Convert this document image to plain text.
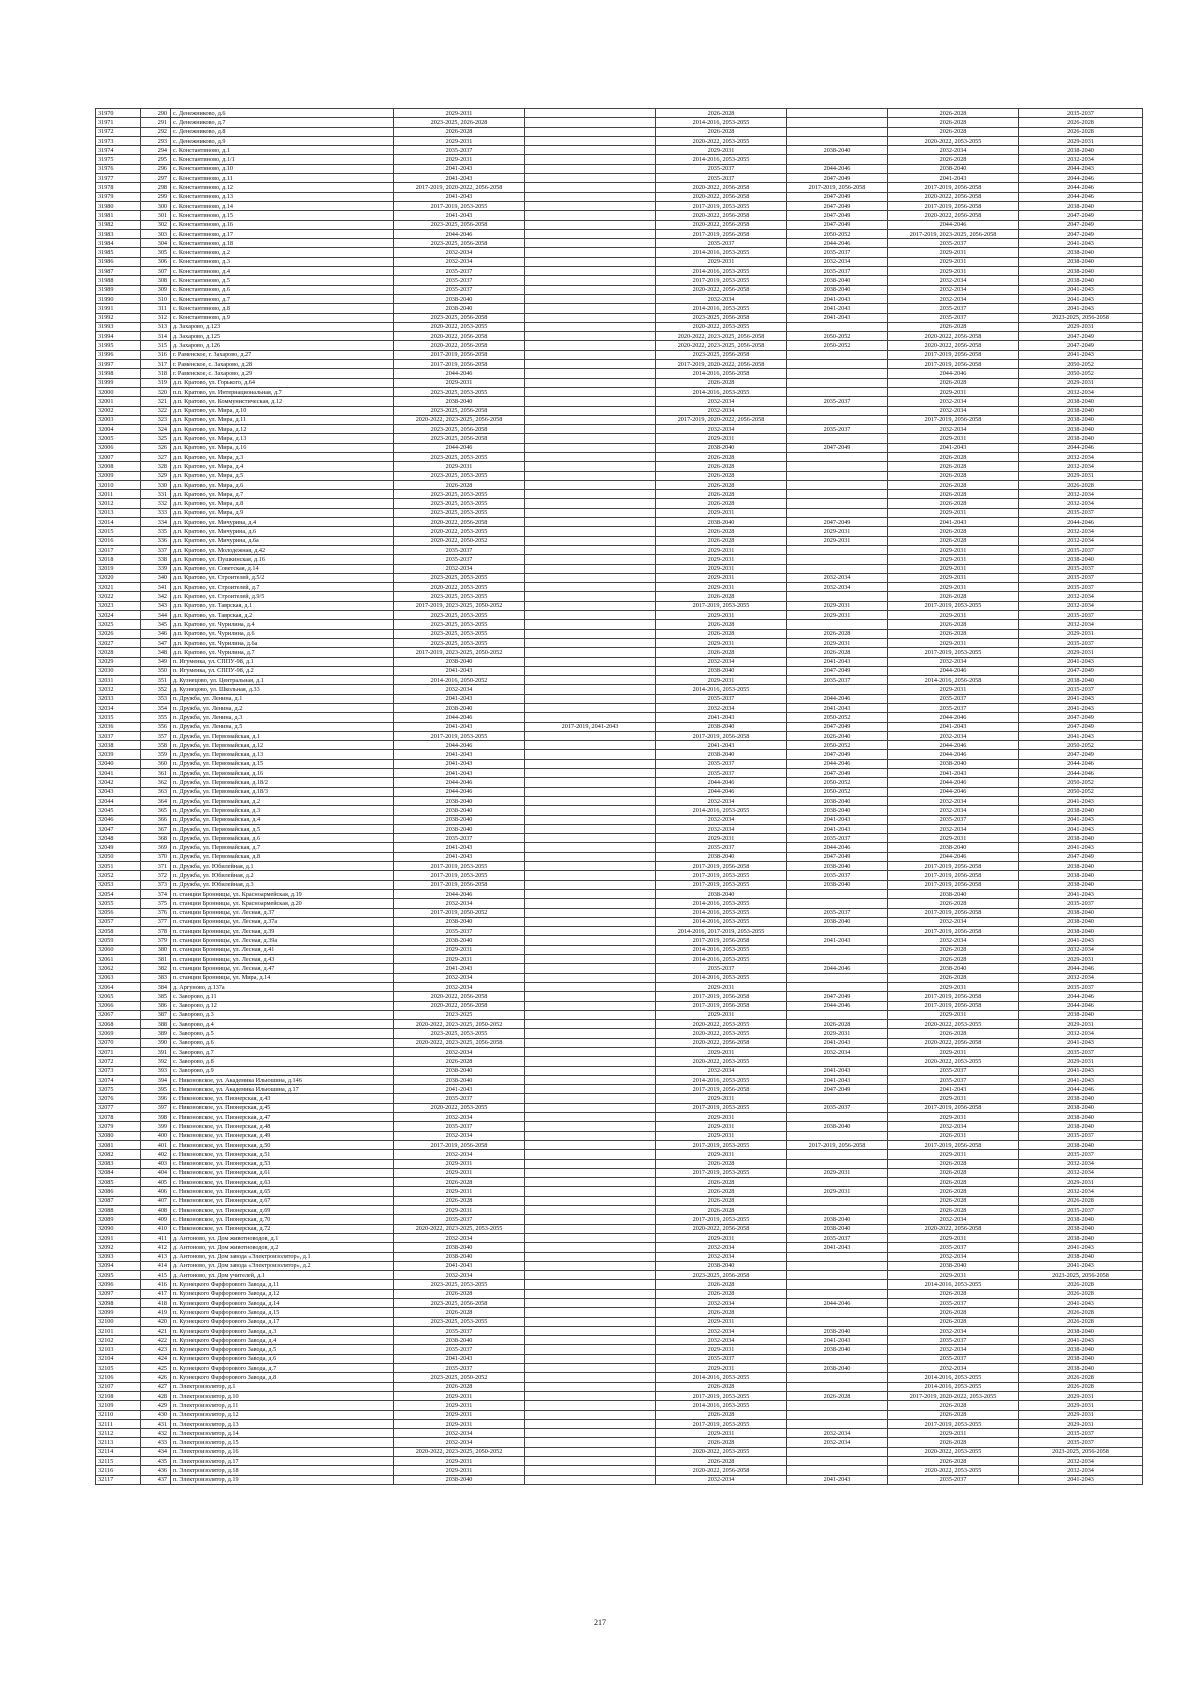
31970	290	с. Денежниково, д.6	2029-2031		2026-2028		2026-2028	2035-2037
31971	291	с. Денежниково, д.7	2023-2025, 2026-2028		2014-2016, 2053-2055		2026-2028	2026-2028
31972	292	с. Денежниково, д.8	2026-2028		2026-2028		2026-2028	2026-2028
31973	293	с. Денежниково, д.9	2029-2031		2020-2022, 2053-2055		2020-2022, 2053-2055	2029-2031
31974	294	с. Константиново, д.1	2035-2037		2029-2031	2038-2040	2032-2034	2038-2040
31975	295	с. Константиново, д.1/1	2029-2031		2014-2016, 2053-2055		2026-2028	2032-2034
31976	296	с. Константиново, д.10	2041-2043		2035-2037	2044-2046	2038-2040	2044-2043
31977	297	с. Константиново, д.11	2041-2043		2035-2037	2047-2049	2041-2043	2044-2046
31978	298	с. Константиново, д.12	2017-2019, 2020-2022, 2056-2058		2020-2022, 2056-2058	2017-2019, 2056-2058	2017-2019, 2056-2058	2044-2046
31979	299	с. Константиново, д.13	2041-2043		2020-2022, 2056-2058	2047-2049	2020-2022, 2056-2058	2044-2046
31980	300	с. Константиново, д.14	2017-2019, 2053-2055		2017-2019, 2053-2055	2047-2049	2017-2019, 2056-2058	2038-2040
31981	301	с. Константиново, д.15	2041-2043		2020-2022, 2056-2058	2047-2049	2020-2022, 2056-2058	2047-2049
31982	302	с. Константиново, д.16	2023-2025, 2056-2058		2020-2022, 2056-2058	2047-2049	2044-2046	2047-2049
31983	303	с. Константиново, д.17	2044-2046		2017-2019, 2056-2058	2050-2052	2017-2019, 2023-2025, 2056-2058	2047-2049
31984	304	с. Константиново, д.18	2023-2025, 2056-2058		2035-2037	2044-2046	2035-2037	2041-2043
31985	305	с. Константиново, д.2	2032-2034		2014-2016, 2053-2055	2035-2037	2029-2031	2038-2040
31986	306	с. Константиново, д.3	2032-2034		2029-2031	2032-2034	2029-2031	2038-2040
31987	307	с. Константиново, д.4	2035-2037		2014-2016, 2053-2055	2035-2037	2029-2031	2038-2040
31988	308	с. Константиново, д.5	2035-2037		2017-2019, 2053-2055	2038-2040	2032-2034	2038-2040
31989	309	с. Константиново, д.6	2035-2037		2020-2022, 2056-2058	2038-2040	2032-2034	2041-2043
31990	310	с. Константиново, д.7	2038-2040		2032-2034	2041-2043	2032-2034	2041-2043
31991	311	с. Константиново, д.8	2038-2040		2014-2016, 2053-2055	2041-2043	2035-2037	2041-2043
31992	312	с. Константиново, д.9	2023-2025, 2056-2058		2023-2025, 2056-2058	2041-2043	2035-2037	2023-2025, 2056-2058
31993	313	д. Захарово, д.123	2020-2022, 2053-2055		2020-2022, 2053-2055		2026-2028	2029-2031
31994	314	д. Захарово, д.125	2020-2022, 2056-2058		2020-2022, 2023-2025, 2056-2058	2050-2052	2020-2022, 2056-2058	2047-2049
31995	315	д. Захарово, д.126	2020-2022, 2056-2058		2020-2022, 2023-2025, 2056-2058	2050-2052	2020-2022, 2056-2058	2047-2049
31996	316	г. Раменское, г. Захарово, д.27	2017-2019, 2056-2058		2023-2025, 2056-2058		2017-2019, 2056-2058	2041-2043
31997	317	г. Раменское, с. Захарово, д.28	2017-2019, 2056-2058		2017-2019, 2020-2022, 2056-2058		2017-2019, 2056-2058	2050-2052
31998	318	г. Раменское, с. Захарово, д.29	2044-2046		2014-2016, 2056-2058		2044-2046	2050-2052
31999	319	д.п. Кратово, ул. Горького, д.64	2029-2031		2026-2028		2026-2028	2029-2031
32000	320	п.п. Кратово, ул. Интернациональная, д.7	2023-2025, 2053-2055		2014-2016, 2053-2055		2029-2031	2032-2034
32001	321	д.п. Кратово, ул. Коммунистическая, д.12	2038-2040		2032-2034	2035-2037	2032-2034	2038-2040
32002	322	д.п. Кратово, ул. Мира, д.10	2023-2025, 2056-2058		2032-2034		2032-2034	2038-2040
32003	323	д.п. Кратово, ул. Мира, д.11	2020-2022, 2023-2025, 2056-2058		2017-2019, 2020-2022, 2056-2058		2017-2019, 2056-2058	2038-2040
32004	324	д.п. Кратово, ул. Мира, д.12	2023-2025, 2056-2058		2032-2034	2035-2037	2032-2034	2038-2040
32005	325	д.п. Кратово, ул. Мира, д.13	2023-2025, 2056-2058		2029-2031		2029-2031	2038-2040
32006	326	д.п. Кратово, ул. Мира, д.16	2044-2046		2038-2040	2047-2049	2041-2043	2044-2046
32007	327	д.п. Кратово, ул. Мира, д.3	2023-2025, 2053-2055		2026-2028		2026-2028	2032-2034
32008	328	д.п. Кратово, ул. Мира, д.4	2029-2031		2026-2028		2026-2028	2032-2034
32009	329	д.п. Кратово, ул. Мира, д.5	2023-2025, 2053-2055		2026-2028		2026-2028	2029-2031
32010	330	д.п. Кратово, ул. Мира, д.6	2026-2028		2026-2028		2026-2028	2026-2028
32011	331	д.п. Кратово, ул. Мира, д.7	2023-2025, 2053-2055		2026-2028		2026-2028	2032-2034
32012	332	д.п. Кратово, ул. Мира, д.8	2023-2025, 2053-2055		2026-2028		2026-2028	2032-2034
32013	333	д.п. Кратово, ул. Мира, д.9	2023-2025, 2053-2055		2029-2031		2029-2031	2035-2037
32014	334	д.п. Кратово, ул. Мичурина, д.4	2020-2022, 2056-2058		2038-2040	2047-2049	2041-2043	2044-2046
32015	335	д.п. Кратово, ул. Мичурина, д.6	2020-2022, 2053-2055		2026-2028	2029-2031	2026-2028	2032-2034
32016	336	д.п. Кратово, ул. Мичурина, д.6а	2020-2022, 2050-2052		2026-2028	2029-2031	2026-2028	2032-2034
32017	337	д.п. Кратово, ул. Молодежная, д.42	2035-2037		2029-2031		2029-2031	2035-2037
32018	338	д.п. Кратово, ул. Пушкинская, д.16	2035-2037		2029-2031		2029-2031	2038-2040
32019	339	д.п. Кратово, ул. Советская, д.14	2032-2034		2029-2031		2029-2031	2035-2037
32020	340	д.п. Кратово, ул. Строителей, д.5/2	2023-2025, 2053-2055		2029-2031	2032-2034	2029-2031	2035-2037
32021	341	д.п. Кратово, ул. Строителей, д.7	2020-2022, 2053-2055		2029-2031	2032-2034	2029-2031	2035-2037
32022	342	д.п. Кратово, ул. Строителей, д.9/5	2023-2025, 2053-2055		2026-2028		2026-2028	2032-2034
32023	343	д.п. Кратово, ул. Таврская, д.1	2017-2019, 2023-2025, 2050-2052		2017-2019, 2053-2055	2029-2031	2017-2019, 2053-2055	2032-2034
32024	344	д.п. Кратово, ул. Таврская, д.2	2023-2025, 2053-2055		2029-2031	2029-2031	2029-2031	2035-2037
32025	345	д.п. Кратово, ул. Чурилина, д.4	2023-2025, 2053-2055		2026-2028		2026-2028	2032-2034
32026	346	д.п. Кратово, ул. Чурилина, д.6	2023-2025, 2053-2055		2026-2028	2026-2028	2026-2028	2029-2031
32027	347	д.п. Кратово, ул. Чурилина, д.6а	2023-2025, 2053-2055		2029-2031	2029-2031	2029-2031	2035-2037
32028	348	д.п. Кратово, ул. Чурилина, д.7	2017-2019, 2023-2025, 2050-2052		2026-2028	2026-2028	2017-2019, 2053-2055	2029-2031
32029	349	п. Игуменка, ул. СППУ-98, д.1	2038-2040		2032-2034	2041-2043	2032-2034	2041-2043
32030	350	п. Игуменка, ул. СППУ-98, д.2	2041-2043		2038-2040	2047-2049	2044-2046	2047-2049
32031	351	д. Кузнецово, ул. Центральная, д.1	2014-2016, 2050-2052		2029-2031	2035-2037	2014-2016, 2056-2058	2038-2040
32032	352	д. Кузнецово, ул. Школьная, д.33	2032-2034		2014-2016, 2053-2055		2029-2031	2035-2037
32033	353	п. Дружба, ул. Ленина, д.1	2041-2043		2035-2037	2044-2046	2035-2037	2041-2043
32034	354	п. Дружба, ул. Ленина, д.2	2038-2040		2032-2034	2041-2043	2035-2037	2041-2043
32035	355	п. Дружба, ул. Ленина, д.3	2044-2046		2041-2043	2050-2052	2044-2046	2047-2049
32036	356	п. Дружба, ул. Ленина, д.5	2041-2043	2017-2019, 2041-2043	2038-2040	2047-2049	2041-2043	2047-2049
32037	357	п. Дружба, ул. Первомайская, д.1	2017-2019, 2053-2055		2017-2019, 2056-2058	2026-2040	2032-2034	2041-2043
32038	358	п. Дружба, ул. Первомайская, д.12	2044-2046		2041-2043	2050-2052	2044-2046	2050-2052
32039	359	п. Дружба, ул. Первомайская, д.13	2041-2043		2038-2040	2047-2049	2044-2046	2047-2049
32040	360	п. Дружба, ул. Первомайская, д.15	2041-2043		2035-2037	2044-2046	2038-2040	2044-2046
32041	361	п. Дружба, ул. Первомайская, д.16	2041-2043		2035-2037	2047-2049	2041-2043	2044-2046
32042	362	п. Дружба, ул. Первомайская, д.18/2	2044-2046		2044-2046	2050-2052	2044-2046	2050-2052
32043	363	п. Дружба, ул. Первомайская, д.18/3	2044-2046		2044-2046	2050-2052	2044-2046	2050-2052
32044	364	п. Дружба, ул. Первомайская, д.2	2038-2040		2032-2034	2038-2040	2032-2034	2041-2043
32045	365	п. Дружба, ул. Первомайская, д.3	2038-2040		2014-2016, 2053-2055	2038-2040	2032-2034	2038-2040
32046	366	п. Дружба, ул. Первомайская, д.4	2038-2040		2032-2034	2041-2043	2035-2037	2041-2043
32047	367	п. Дружба, ул. Первомайская, д.5	2038-2040		2032-2034	2041-2043	2032-2034	2041-2043
32048	368	п. Дружба, ул. Первомайская, д.6	2035-2037		2029-2031	2035-2037	2029-2031	2038-2040
32049	369	п. Дружба, ул. Первомайская, д.7	2041-2043		2035-2037	2044-2046	2038-2040	2041-2043
32050	370	п. Дружба, ул. Первомайская, д.8	2041-2043		2038-2040	2047-2049	2044-2046	2047-2049
32051	371	п. Дружба, ул. Юбилейная, д.1	2017-2019, 2053-2055		2017-2019, 2056-2058	2038-2040	2017-2019, 2056-2058	2038-2040
32052	372	п. Дружба, ул. Юбилейная, д.2	2017-2019, 2053-2055		2017-2019, 2053-2055	2035-2037	2017-2019, 2056-2058	2038-2040
32053	373	п. Дружба, ул. Юбилейная, д.3	2017-2019, 2056-2058		2017-2019, 2053-2055	2038-2040	2017-2019, 2056-2058	2038-2040
32054	374	п. станции Бронницы, ул. Красноармейская, д.19	2044-2046		2038-2040		2038-2040	2041-2043
32055	375	п. станции Бронницы, ул. Красноармейская, д.20	2032-2034		2014-2016, 2053-2055		2026-2028	2035-2037
32056	376	п. станции Бронницы, ул. Лесная, д.37	2017-2019, 2050-2052		2014-2016, 2053-2055	2035-2037	2017-2019, 2056-2058	2038-2040
32057	377	п. станции Бронницы, ул. Лесная, д.37а	2038-2040		2014-2016, 2053-2055	2038-2040	2032-2034	2038-2040
32058	378	п. станции Бронницы, ул. Лесная, д.39	2035-2037		2014-2016, 2017-2019, 2053-2055		2017-2019, 2056-2058	2038-2040
32059	379	п. станции Бронницы, ул. Лесная, д.39а	2038-2040		2017-2019, 2056-2058	2041-2043	2032-2034	2041-2043
32060	380	п. станции Бронницы, ул. Лесная, д.41	2029-2031		2014-2016, 2053-2055		2026-2028	2032-2034
32061	381	п. станции Бронницы, ул. Лесная, д.43	2029-2031		2014-2016, 2053-2055		2026-2028	2029-2031
32062	382	п. станции Бронницы, ул. Лесная, д.47	2041-2043		2035-2037	2044-2046	2038-2040	2044-2046
32063	383	п. станции Бронницы, ул. Мира, д.14	2032-2034		2014-2016, 2053-2055		2026-2028	2032-2034
32064	384	д. Аргуново, д.137а	2032-2034		2029-2031		2029-2031	2035-2037
32065	385	с. Заворово, д.11	2020-2022, 2056-2058		2017-2019, 2056-2058	2047-2049	2017-2019, 2056-2058	2044-2046
32066	386	с. Заворово, д.12	2020-2022, 2056-2058		2017-2019, 2056-2058	2044-2046	2017-2019, 2056-2058	2044-2046
32067	387	с. Заворово, д.3	2023-2025		2029-2031		2029-2031	2038-2040
32068	388	с. Заворово, д.4	2020-2022, 2023-2025, 2050-2052		2020-2022, 2053-2055	2026-2028	2020-2022, 2053-2055	2029-2031
32069	389	с. Заворово, д.5	2023-2025, 2053-2055		2020-2022, 2053-2055	2029-2031	2026-2028	2032-2034
32070	390	с. Заворово, д.6	2020-2022, 2023-2025, 2056-2058		2020-2022, 2056-2058	2041-2043	2020-2022, 2056-2058	2041-2043
32071	391	с. Заворово, д.7	2032-2034		2029-2031	2032-2034	2029-2031	2035-2037
32072	392	с. Заворово, д.8	2026-2028		2020-2022, 2053-2055		2020-2022, 2053-2055	2029-2031
32073	393	с. Заворово, д.9	2038-2040		2032-2034	2041-2043	2035-2037	2041-2043
32074	394	с. Никоновское, ул. Академика Ильюшина, д.146	2038-2040		2014-2016, 2053-2055	2041-2043	2035-2037	2041-2043
32075	395	с. Никоновское, ул. Академика Ильюшина, д.17	2041-2043		2017-2019, 2056-2058	2047-2049	2041-2043	2044-2046
32076	396	с. Никоновское, ул. Пионерская, д.43	2035-2037		2029-2031		2029-2031	2038-2040
32077	397	с. Никоновское, ул. Пионерская, д.45	2020-2022, 2053-2055		2017-2019, 2053-2055	2035-2037	2017-2019, 2056-2058	2038-2040
32078	398	с. Никоновское, ул. Пионерская, д.47	2032-2034		2029-2031		2029-2031	2038-2040
32079	399	с. Никоновское, ул. Пионерская, д.48	2035-2037		2029-2031	2038-2040	2032-2034	2038-2040
32080	400	с. Никоновское, ул. Пионерская, д.49	2032-2034		2029-2031		2026-2031	2035-2037
32081	401	с. Никоновское, ул. Пионерская, д.50	2017-2019, 2056-2058		2017-2019, 2053-2055	2017-2019, 2056-2058	2017-2019, 2056-2058	2038-2040
32082	402	с. Никоновское, ул. Пионерская, д.51	2032-2034		2029-2031		2029-2031	2035-2037
32083	403	с. Никоновское, ул. Пионерская, д.53	2029-2031		2026-2028		2026-2028	2032-2034
32084	404	с. Никоновское, ул. Пионерская, д.61	2029-2031		2017-2019, 2053-2055	2029-2031	2026-2028	2032-2034
32085	405	с. Никоновское, ул. Пионерская, д.63	2026-2028		2026-2028		2026-2028	2029-2031
32086	406	с. Никоновское, ул. Пионерская, д.65	2029-2031		2026-2028	2029-2031	2026-2028	2032-2034
32087	407	с. Никоновское, ул. Пионерская, д.67	2026-2028		2026-2028		2026-2028	2026-2028
32088	408	с. Никоновское, ул. Пионерская, д.69	2029-2031		2026-2028		2026-2028	2035-2037
32089	409	с. Никоновское, ул. Пионерская, д.70	2035-2037		2017-2019, 2053-2055	2038-2040	2032-2034	2038-2040
32090	410	с. Никоновское, ул. Пионерская, д.72	2020-2022, 2023-2025, 2053-2055		2020-2022, 2056-2058	2038-2040	2020-2022, 2056-2058	2038-2040
32091	411	д. Антоново, ул. Дом животноводов, д.1	2032-2034		2029-2031	2035-2037	2029-2031	2038-2040
32092	412	д. Антоново, ул. Дом животноводов, д.2	2038-2040		2032-2034	2041-2043	2035-2037	2041-2043
32093	413	д. Антоново, ул. Дом завода «Электроизолятор», д.1	2038-2040		2032-2034		2032-2034	2038-2040
32094	414	д. Антоново, ул. Дом завода «Электроизолятор», д.2	2041-2043		2038-2040		2038-2040	2041-2043
32095	415	д. Антоново, ул. Дом учителей, д.1	2032-2034		2023-2025, 2056-2058		2029-2031	2023-2025, 2056-2058
32096	416	п. Кузнецкого Фарфорового Завода, д.11	2023-2025, 2053-2055		2026-2028		2014-2016, 2053-2055	2026-2028
32097	417	п. Кузнецкого Фарфорового Завода, д.12	2026-2028		2026-2028		2026-2028	2026-2028
32098	418	п. Кузнецкого Фарфорового Завода, д.14	2023-2025, 2056-2058		2032-2034	2044-2046	2035-2037	2041-2043
32099	419	п. Кузнецкого Фарфорового Завода, д.15	2026-2028		2026-2028		2026-2028	2026-2028
32100	420	п. Кузнецкого Фарфорового Завода, д.17	2023-2025, 2053-2055		2029-2031		2026-2028	2026-2028
32101	421	п. Кузнецкого Фарфорового Завода, д.3	2035-2037		2032-2034	2038-2040	2032-2034	2038-2040
32102	422	п. Кузнецкого Фарфорового Завода, д.4	2038-2040		2032-2034	2041-2043	2035-2037	2041-2043
32103	423	п. Кузнецкого Фарфорового Завода, д.5	2035-2037		2029-2031	2038-2040	2032-2034	2038-2040
32104	424	п. Кузнецкого Фарфорового Завода, д.6	2041-2043		2035-2037		2035-2037	2038-2040
32105	425	п. Кузнецкого Фарфорового Завода, д.7	2035-2037		2029-2031	2038-2040	2032-2034	2038-2040
32106	426	п. Кузнецкого Фарфорового Завода, д.8	2023-2025, 2050-2052		2014-2016, 2053-2055		2014-2016, 2053-2055	2026-2028
32107	427	п. Электроизолятор, д.1	2026-2028		2026-2028		2014-2016, 2053-2055	2026-2028
32108	428	п. Электроизолятор, д.10	2029-2031		2017-2019, 2053-2055	2026-2028	2017-2019, 2020-2022, 2053-2055	2029-2031
32109	429	п. Электроизолятор, д.11	2029-2031		2014-2016, 2053-2055		2026-2028	2029-2031
32110	430	п. Электроизолятор, д.12	2029-2031		2026-2028		2026-2028	2029-2031
32111	431	п. Электроизолятор, д.13	2029-2031		2017-2019, 2053-2055		2017-2019, 2053-2055	2029-2031
32112	432	п. Электроизолятор, д.14	2032-2034		2029-2031	2032-2034	2029-2031	2035-2037
32113	433	п. Электроизолятор, д.15	2032-2034		2026-2028	2032-2034	2026-2028	2035-2037
32114	434	п. Электроизолятор, д.16	2020-2022, 2023-2025, 2050-2052		2020-2022, 2053-2055		2020-2022, 2053-2055	2023-2025, 2056-2058
32115	435	п. Электроизолятор, д.17	2029-2031		2026-2028		2026-2028	2032-2034
32116	436	п. Электроизолятор, д.18	2029-2031		2020-2022, 2056-2058		2020-2022, 2053-2055	2032-2034
32117	437	п. Электроизолятор, д.19	2038-2040		2032-2034	2041-2043	2035-2037	2041-2043
217
